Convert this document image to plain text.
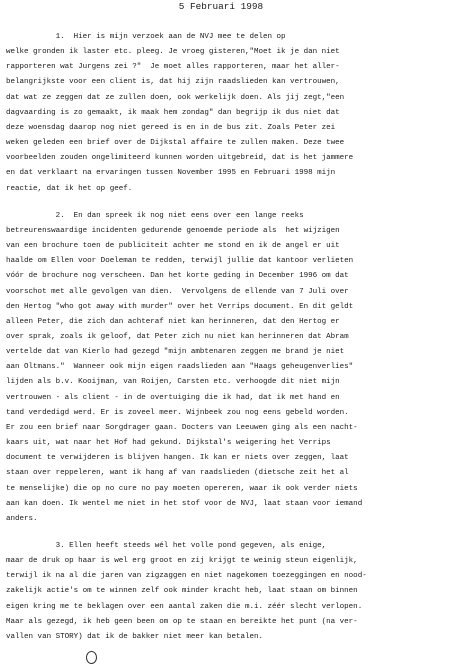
5 Februari 1998
1.  Hier is mijn verzoek aan de NVJ mee te delen op
welke gronden ik laster etc. pleeg. Je vroeg gisteren,"Moet ik je dan niet
rapporteren wat Jurgens zei ?"  Je moet alles rapporteren, maar het aller-
belangrijkste voor een client is, dat hij zijn raadslieden kan vertrouwen,
dat wat ze zeggen dat ze zullen doen, ook werkelijk doen. Als jij zegt,"een
dagvaarding is zo gemaakt, ik maak hem zondag" dan begrijp ik dus niet dat
deze woensdag daarop nog niet gereed is en in de bus zit. Zoals Peter zei
weken geleden een brief over de Dijkstal affaire te zullen maken. Deze twee
voorbeelden zouden ongelimiteerd kunnen worden uitgebreid, dat is het jammere
en dat verklaart na ervaringen tussen November 1995 en Februari 1998 mijn
reactie, dat ik het op geef.
2.  En dan spreek ik nog niet eens over een lange reeks
betreurenswaardige incidenten gedurende genoemde periode als  het wijzigen
van een brochure toen de publiciteit achter me stond en ik de angel er uit
haalde om Ellen voor Doeleman te redden, terwijl jullie dat kantoor verlieten
vóór de brochure nog verscheen. Dan het korte geding in December 1996 om dat
voorschot met alle gevolgen van dien.  Vervolgens de ellende van 7 Juli over
den Hertog "who got away with murder" over het Verrips document. En dit geldt
alleen Peter, die zich dan achteraf niet kan herinneren, dat den Hertog er
over sprak, zoals ik geloof, dat Peter zich nu niet kan herinneren dat Abram
vertelde dat van Kierlo had gezegd "mijn ambtenaren zeggen me brand je niet
aan Oltmans."  Wanneer ook mijn eigen raadslieden aan "Haags geheugenverlies"
lijden als b.v. Kooijman, van Roijen, Carsten etc. verhoogde dit niet mijn
vertrouwen - als client - in de overtuiging die ik had, dat ik met hand en
tand verdedigd werd. Er is zoveel meer. Wijnbeek zou nog eens gebeld worden.
Er zou een brief naar Sorgdrager gaan. Docters van Leeuwen ging als een nacht-
kaars uit, wat naar het Hof had gekund. Dijkstal's weigering het Verrips
document te verwijderen is blijven hangen. Ik kan er niets over zeggen, laat
staan over reppeleren, want ik hang af van raadslieden (dietsche zeit het al
te menselijke) die op no cure no pay moeten opereren, waar ik ook verder niets
aan kan doen. Ik wentel me niet in het stof voor de NVJ, laat staan voor iemand
anders.
3. Ellen heeft steeds wél het volle pond gegeven, als enige,
maar de druk op haar is wel erg groot en zij krijgt te weinig steun eigenlijk,
terwijl ik na al die jaren van zigzaggen en niet nagekomen toezeggingen en nood-
zakelijk actie's om te winnen zelf ook minder kracht heb, laat staan om binnen
eigen kring me te beklagen over een aantal zaken die m.i. zéér slecht verlopen.
Maar als gezegd, ik heb geen been om op te staan en bereikte het punt (na ver-
vallen van STORY) dat ik de bakker niet meer kan betalen.
